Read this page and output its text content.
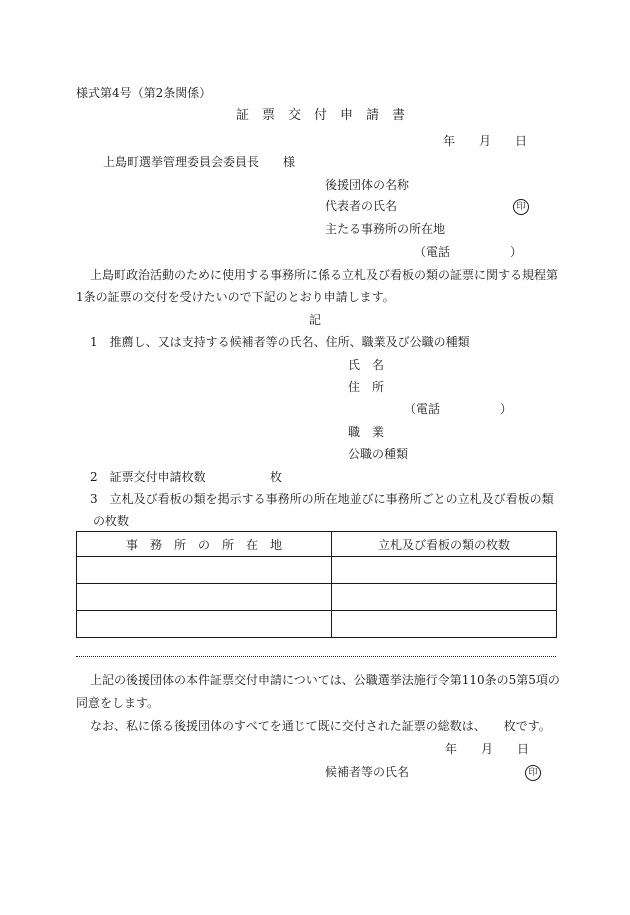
様式第4号（第2条関係）
証　票　交　付　申　請　書
年　　月　　日
上島町選挙管理委員会委員長　　様
後援団体の名称
代表者の氏名	印
主たる事務所の所在地
（電話　　　　　）
上島町政治活動のために使用する事務所に係る立札及び看板の類の証票に関する規程第
1条の証票の交付を受けたいので下記のとおり申請します。
記
1　推薦し、又は支持する候補者等の氏名、住所、職業及び公職の種類
氏　名
住　所
（電話　　　　　）
職　業
公職の種類
2　証票交付申請枚数	枚
3　立札及び看板の類を掲示する事務所の所在地並びに事務所ごとの立札及び看板の類
の枚数
事　務　所　の　所　在　地	立札及び看板の類の枚数

上記の後援団体の本件証票交付申請については、公職選挙法施行令第110条の5第5項の
同意をします。
なお、私に係る後援団体のすべてを通じて既に交付された証票の総数は、　　枚です。
年　　月　　日
候補者等の氏名	印
